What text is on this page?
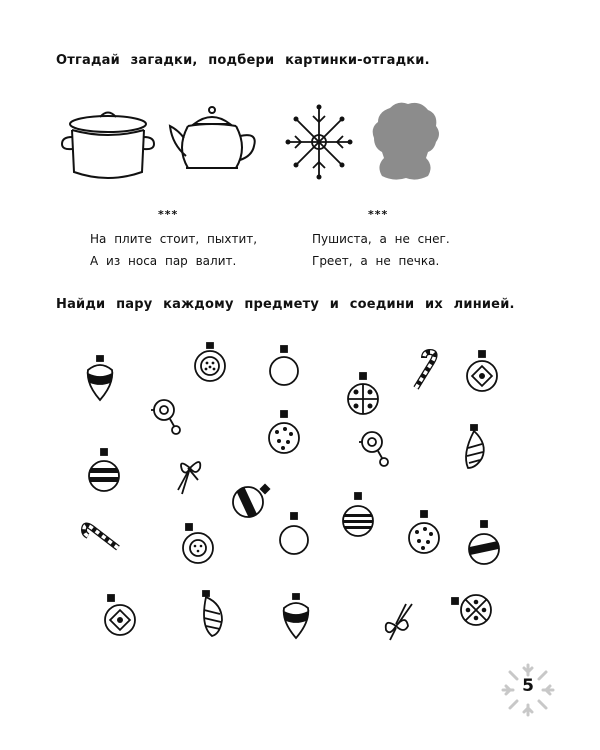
Отгадай загадки, подбери картинки-отгадки.
***
На плите стоит, пыхтит,
А из носа пар валит.
***
Пушиста, а не снег.
Греет, а не печка.
Найди пару каждому предмету и соедини их линией.
5
